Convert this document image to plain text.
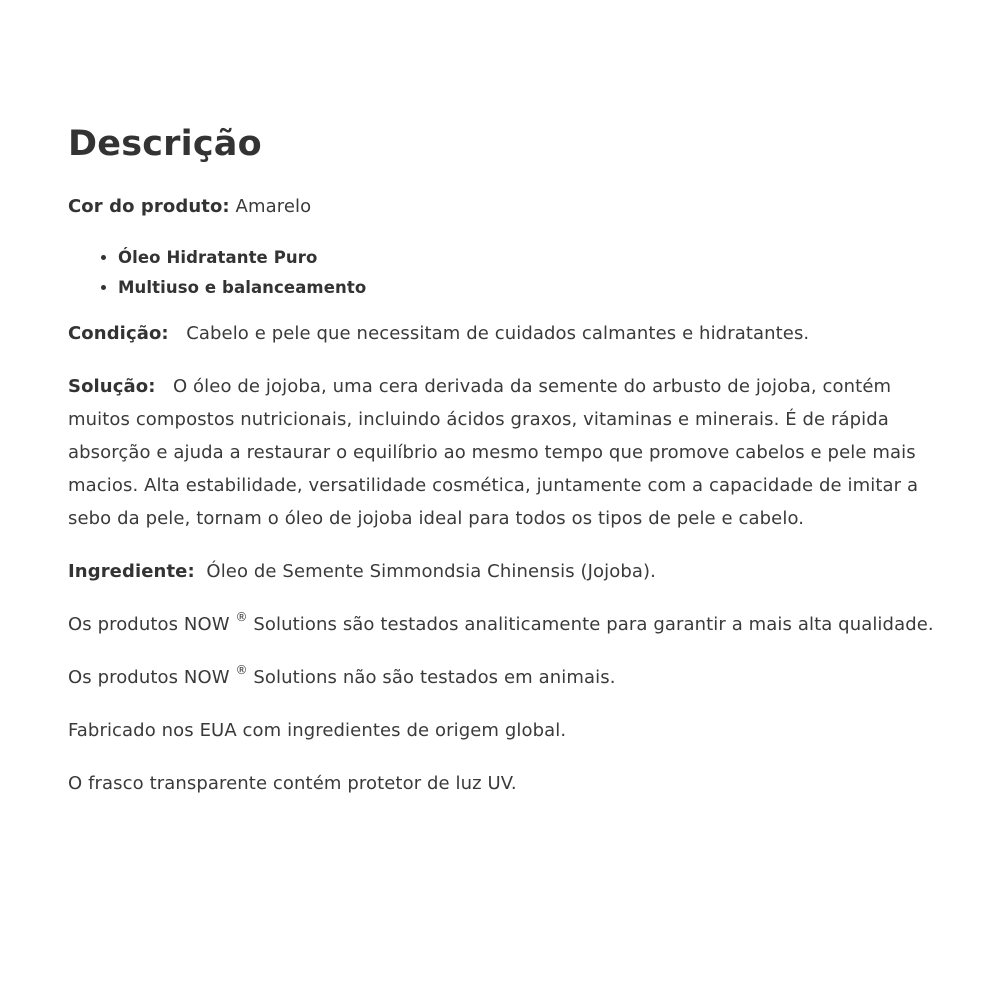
Descrição

Cor do produto: Amarelo

• Óleo Hidratante Puro
• Multiuso e balanceamento

Condição:   Cabelo e pele que necessitam de cuidados calmantes e hidratantes.

Solução:   O óleo de jojoba, uma cera derivada da semente do arbusto de jojoba, contém muitos compostos nutricionais, incluindo ácidos graxos, vitaminas e minerais. É de rápida absorção e ajuda a restaurar o equilíbrio ao mesmo tempo que promove cabelos e pele mais macios. Alta estabilidade, versatilidade cosmética, juntamente com a capacidade de imitar a sebo da pele, tornam o óleo de jojoba ideal para todos os tipos de pele e cabelo.

Ingrediente:  Óleo de Semente Simmondsia Chinensis (Jojoba).

Os produtos NOW ® Solutions são testados analiticamente para garantir a mais alta qualidade.

Os produtos NOW ® Solutions não são testados em animais.

Fabricado nos EUA com ingredientes de origem global.

O frasco transparente contém protetor de luz UV.
